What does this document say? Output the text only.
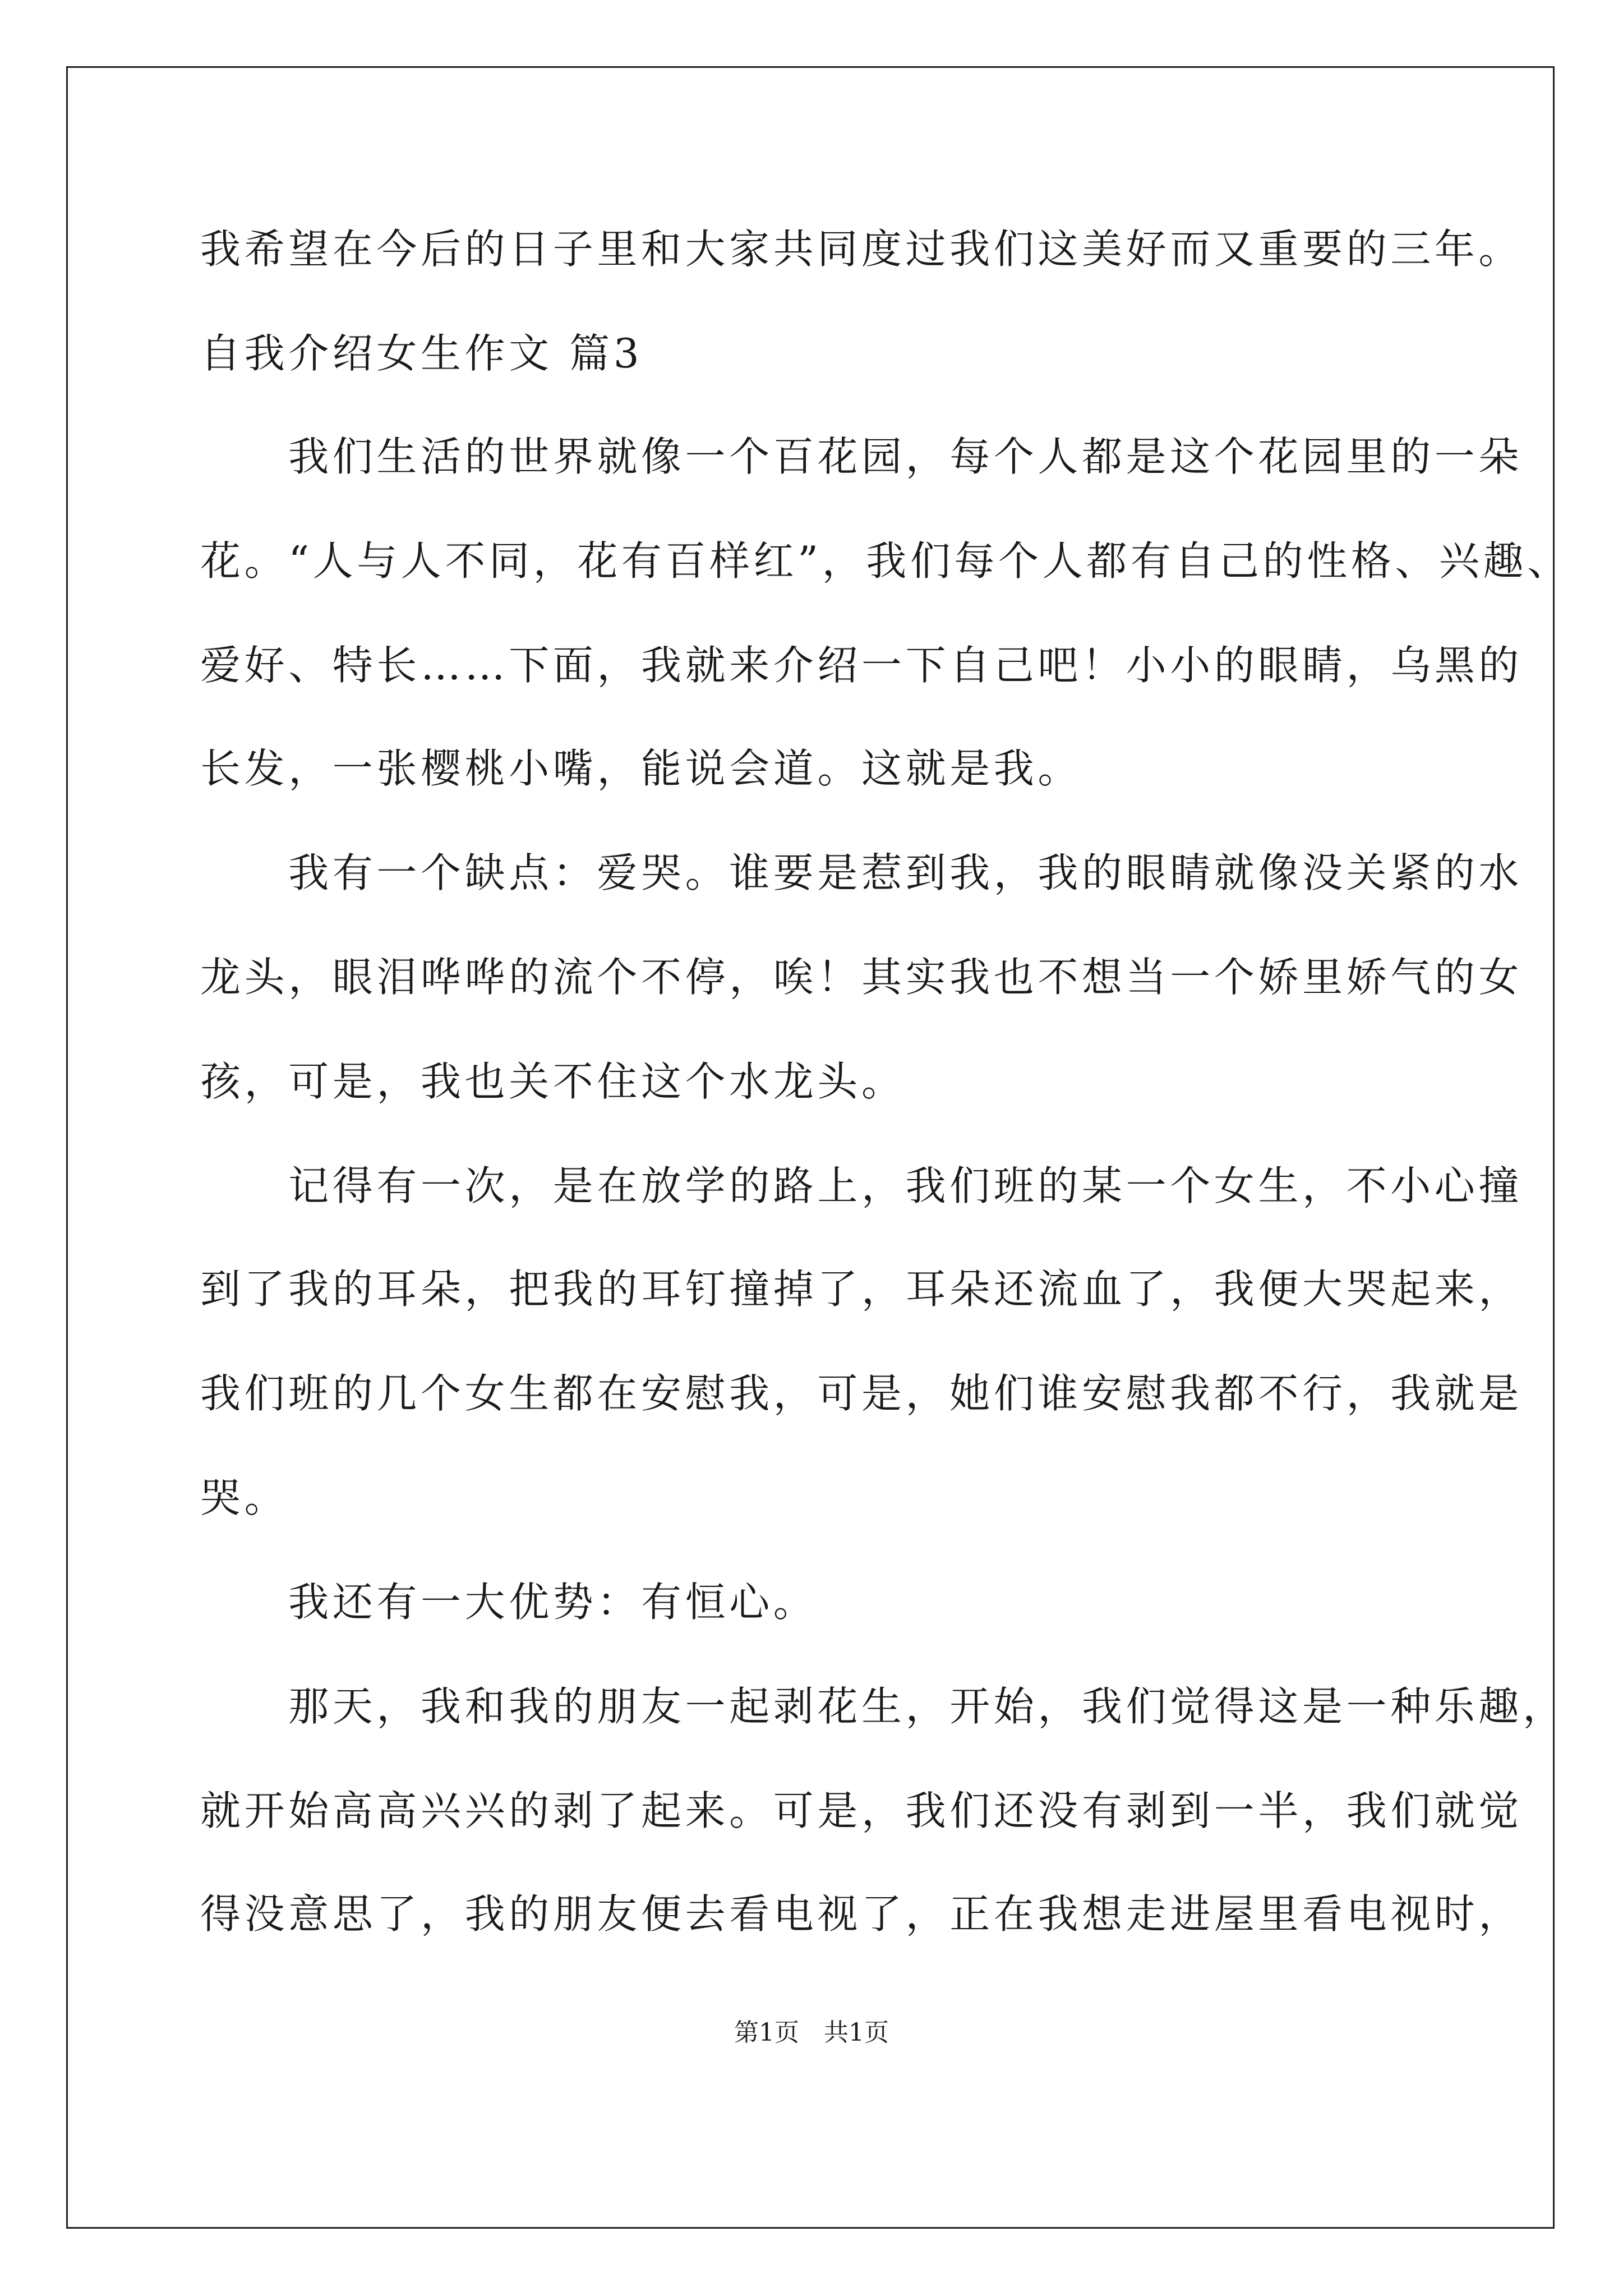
我希望在今后的日子里和大家共同度过我们这美好而又重要的三年。
自我介绍女生作文 篇3
　　我们生活的世界就像一个百花园，每个人都是这个花园里的一朵
花。“人与人不同，花有百样红”，我们每个人都有自己的性格、兴趣、
爱好、特长……下面，我就来介绍一下自己吧！小小的眼睛，乌黑的
长发，一张樱桃小嘴，能说会道。这就是我。
　　我有一个缺点：爱哭。谁要是惹到我，我的眼睛就像没关紧的水
龙头，眼泪哗哗的流个不停，唉！其实我也不想当一个娇里娇气的女
孩，可是，我也关不住这个水龙头。
　　记得有一次，是在放学的路上，我们班的某一个女生，不小心撞
到了我的耳朵，把我的耳钉撞掉了，耳朵还流血了，我便大哭起来，
我们班的几个女生都在安慰我，可是，她们谁安慰我都不行，我就是
哭。
　　我还有一大优势：有恒心。
　　那天，我和我的朋友一起剥花生，开始，我们觉得这是一种乐趣，
就开始高高兴兴的剥了起来。可是，我们还没有剥到一半，我们就觉
得没意思了，我的朋友便去看电视了，正在我想走进屋里看电视时，
第1页　共1页
